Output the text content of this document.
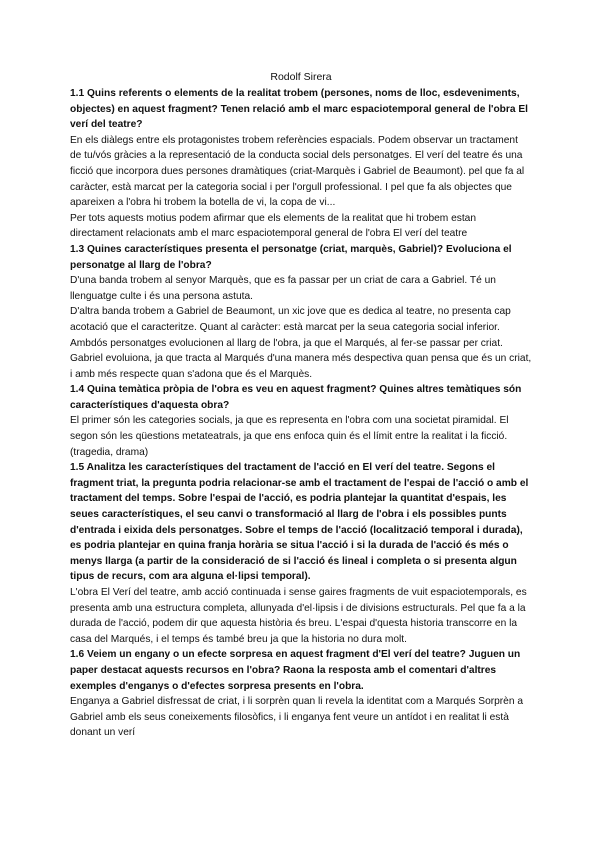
Rodolf Sirera

1.1 Quins referents o elements de la realitat trobem (persones, noms de lloc, esdeveniments, objectes) en aquest fragment? Tenen relació amb el marc espaciotemporal general de l'obra El verí del teatre?

En els diàlegs entre els protagonistes trobem referències espacials. Podem observar un tractament de tu/vós gràcies a la representació de la conducta social dels personatges. El verí del teatre és una ficció que incorpora dues persones dramàtiques (criat-Marquès i Gabriel de Beaumont). pel que fa al caràcter, està marcat per la categoria social i per l'orgull professional. I pel que fa als objectes que apareixen a l'obra hi trobem la botella de vi, la copa de vi...

Per tots aquests motius podem afirmar que els elements de la realitat que hi trobem estan directament relacionats amb el marc espaciotemporal general de l'obra El verí del teatre

1.3 Quines característiques presenta el personatge (criat, marquès, Gabriel)? Evoluciona el personatge al llarg de l'obra?

D'una banda trobem al senyor Marquès, que es fa passar per un criat de cara a Gabriel. Té un llenguatge culte i és una persona astuta.

D'altra banda trobem a Gabriel de Beaumont, un xic jove que es dedica al teatre, no presenta cap acotació que el caracteritze. Quant al caràcter: està marcat per la seua categoria social inferior.

Ambdós personatges evolucionen al llarg de l'obra, ja que el Marqués, al fer-se passar per criat. Gabriel evoluiona, ja que tracta al Marqués d'una manera més despectiva quan pensa que és un criat, i amb més respecte quan s'adona que és el Marquès.

1.4 Quina temàtica pròpia de l'obra es veu en aquest fragment? Quines altres temàtiques són característiques d'aquesta obra?

El primer són les categories socials, ja que es representa en l'obra com una societat piramidal. El segon són les qüestions metateatrals, ja que ens enfoca quin és el límit entre la realitat i la ficció. (tragedia, drama)

1.5 Analitza les característiques del tractament de l'acció en El verí del teatre. Segons el fragment triat, la pregunta podria relacionar-se amb el tractament de l'espai de l'acció o amb el tractament del temps. Sobre l'espai de l'acció, es podria plantejar la quantitat d'espais, les seues característiques, el seu canvi o transformació al llarg de l'obra i els possibles punts d'entrada i eixida dels personatges. Sobre el temps de l'acció (localització temporal i durada), es podria plantejar en quina franja horària se situa l'acció i si la durada de l'acció és més o menys llarga (a partir de la consideració de si l'acció és lineal i completa o si presenta algun tipus de recurs, com ara alguna el·lipsi temporal).

L'obra El Verí del teatre, amb acció continuada i sense gaires fragments de vuit espaciotemporals, es presenta amb una estructura completa, allunyada d'el·lipsis i de divisions estructurals. Pel que fa a la durada de l'acció, podem dir que aquesta història és breu. L'espai d'questa historia transcorre en la casa del Marqués, i el temps és també breu ja que la historia no dura molt.

1.6 Veiem un engany o un efecte sorpresa en aquest fragment d'El verí del teatre? Juguen un paper destacat aquests recursos en l'obra? Raona la resposta amb el comentari d'altres exemples d'enganys o d'efectes sorpresa presents en l'obra.

Enganya a Gabriel disfressat de criat, i li sorprèn quan li revela la identitat com a Marqués Sorprèn a Gabriel amb els seus coneixements filosòfics, i li enganya fent veure un antídot i en realitat li està donant un verí
